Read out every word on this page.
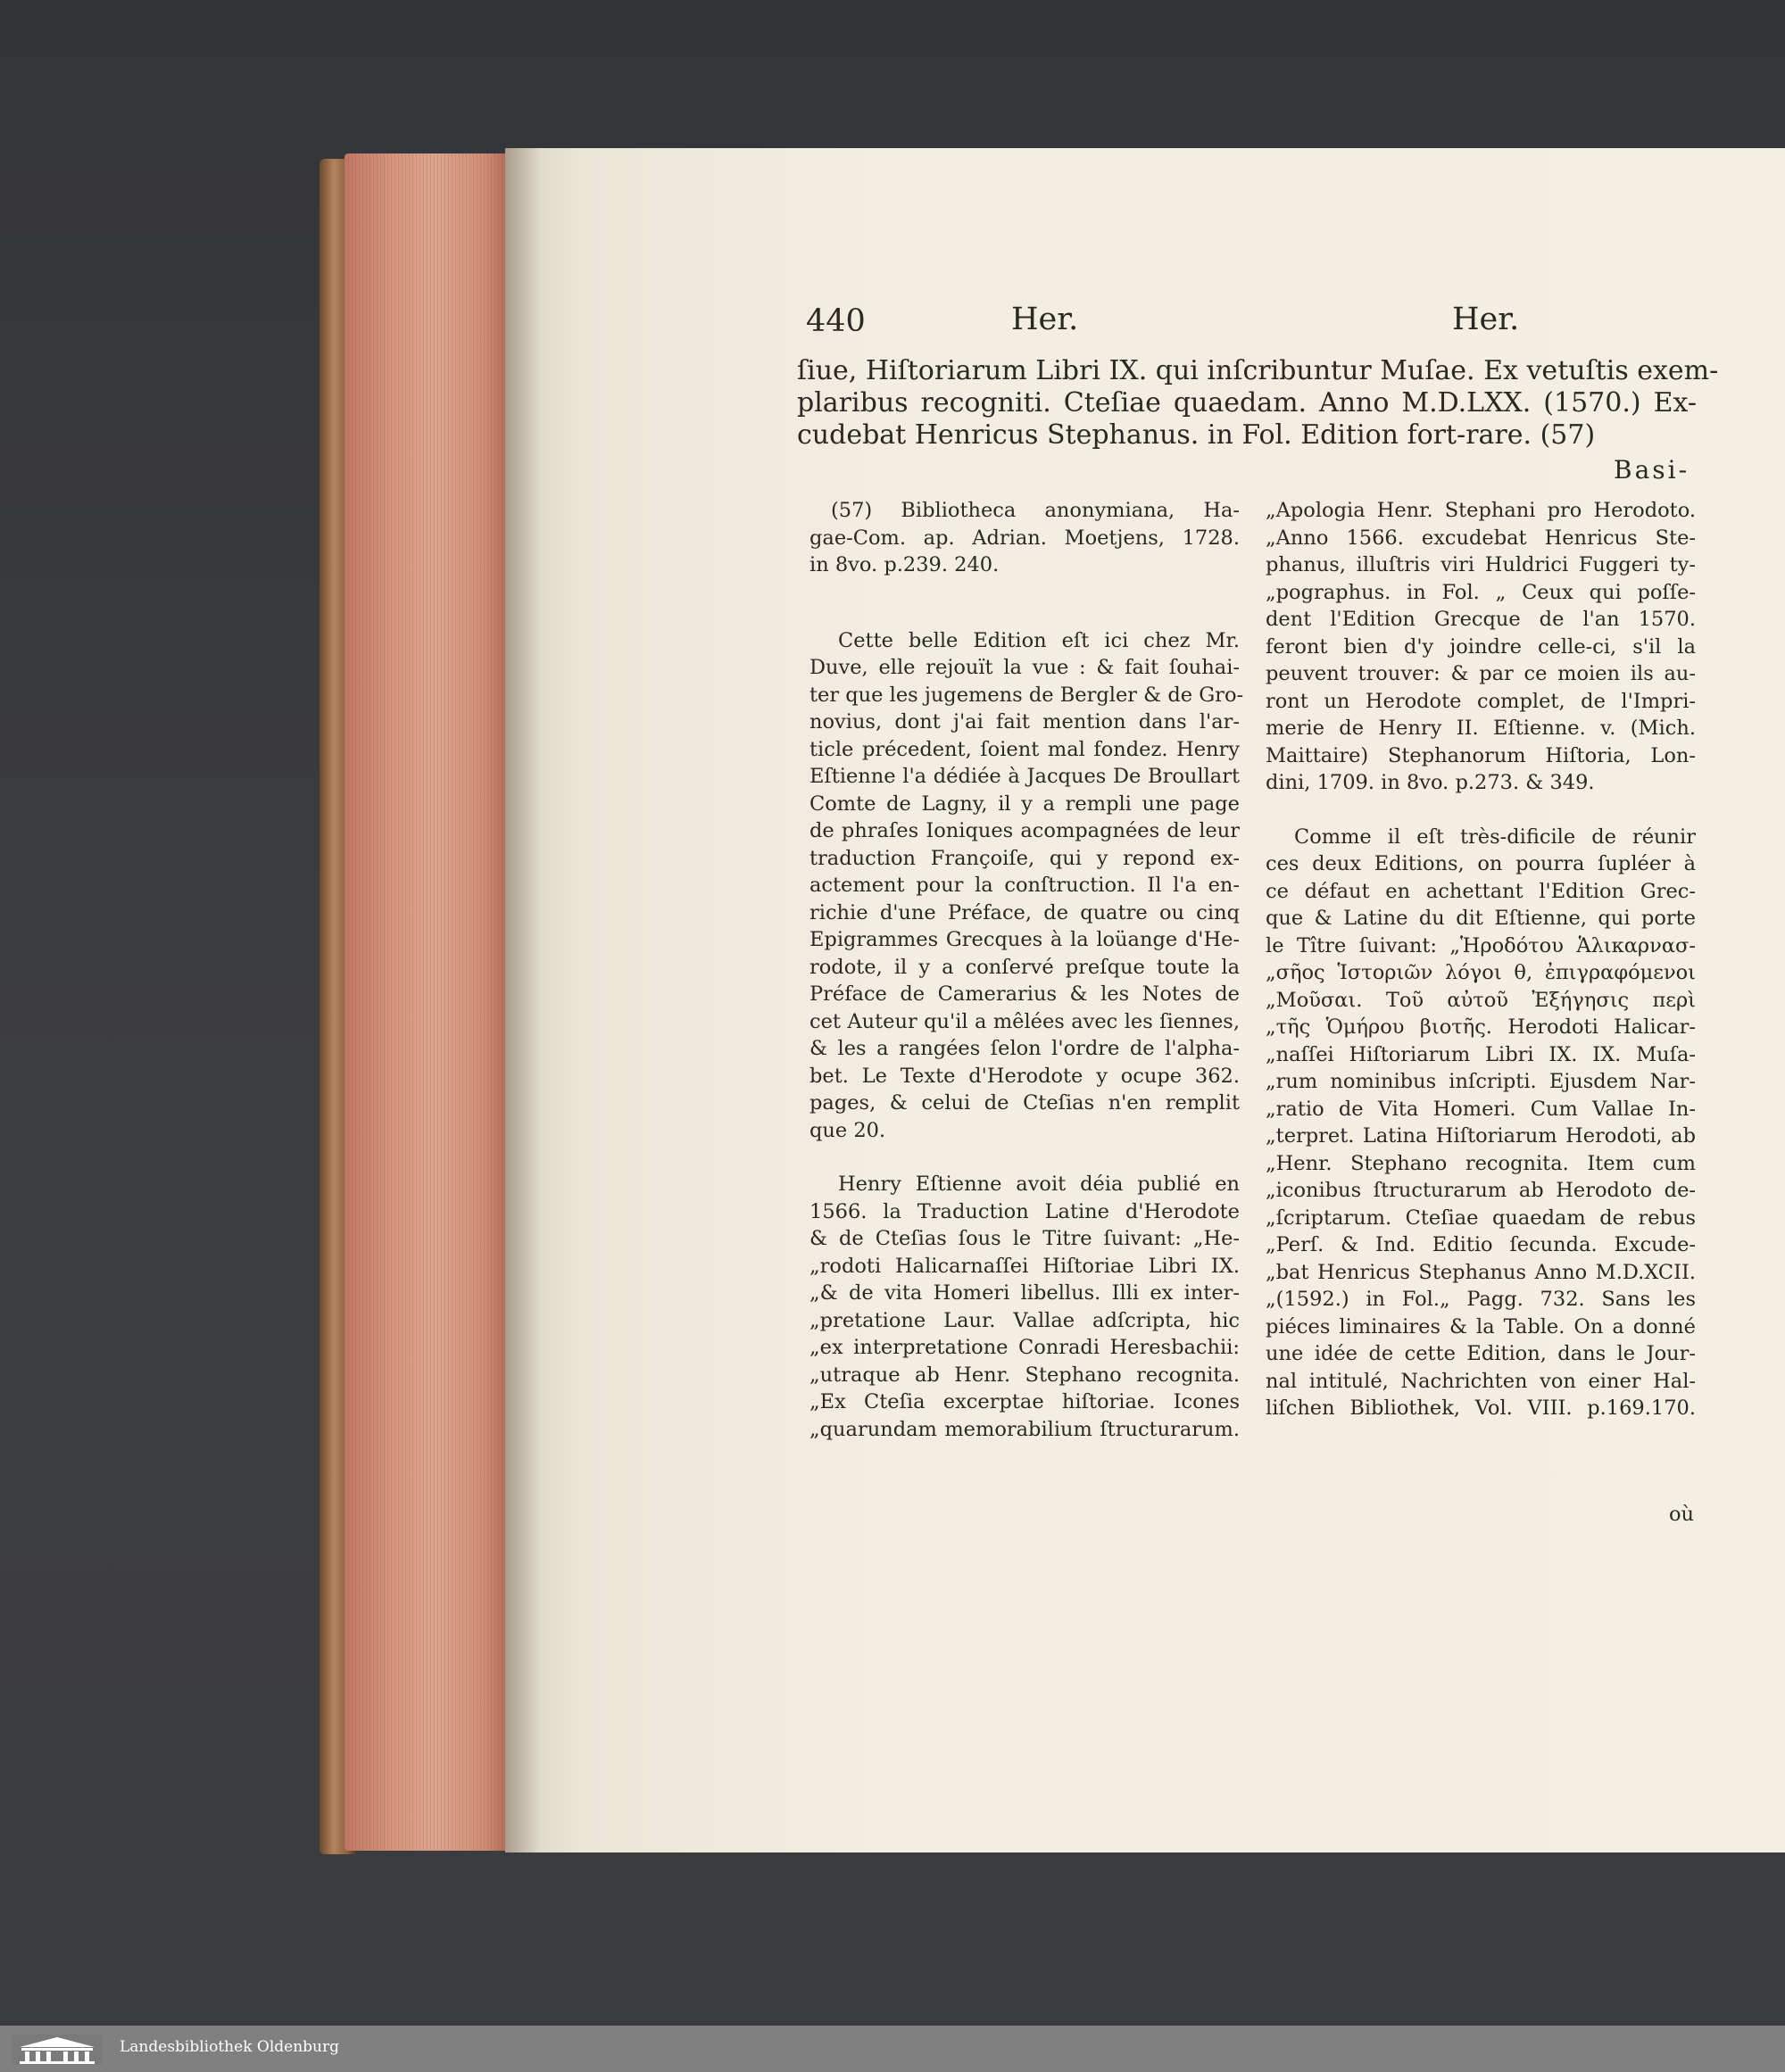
440	Her.	Her.
ſiue, Hiſtoriarum Libri IX. qui inſcribuntur Muſae. Ex vetuſtis exem-
plaribus recogniti. Cteſiae quaedam. Anno M.D.LXX. (1570.) Ex-
cudebat Henricus Stephanus. in Fol. Edition fort-rare. (57)
Basi-
(57) Bibliotheca anonymiana, Ha-
gae-Com. ap. Adrian. Moetjens, 1728.
in 8vo. p.239. 240.
Cette belle Edition eſt ici chez Mr.
Duve, elle rejouït la vue : & fait ſouhai-
ter que les jugemens de Bergler & de Gro-
novius, dont j'ai fait mention dans l'ar-
ticle précedent, ſoient mal fondez. Henry
Eſtienne l'a dédiée à Jacques De Broullart
Comte de Lagny, il y a rempli une page
de phraſes Ioniques acompagnées de leur
traduction Françoiſe, qui y repond ex-
actement pour la conſtruction. Il l'a en-
richie d'une Préface, de quatre ou cinq
Epigrammes Grecques à la loüange d'He-
rodote, il y a conſervé preſque toute la
Préface de Camerarius & les Notes de
cet Auteur qu'il a mêlées avec les ſiennes,
& les a rangées ſelon l'ordre de l'alpha-
bet. Le Texte d'Herodote y ocupe 362.
pages, & celui de Cteſias n'en remplit
que 20.
Henry Eſtienne avoit déia publié en
1566. la Traduction Latine d'Herodote
& de Cteſias ſous le Titre ſuivant: „He-
„rodoti Halicarnaſſei Hiſtoriae Libri IX.
„& de vita Homeri libellus. Illi ex inter-
„pretatione Laur. Vallae adſcripta, hic
„ex interpretatione Conradi Heresbachii:
„utraque ab Henr. Stephano recognita.
„Ex Cteſia excerptae hiſtoriae. Icones
„quarundam memorabilium ſtructurarum.
„Apologia Henr. Stephani pro Herodoto.
„Anno 1566. excudebat Henricus Ste-
phanus, illuſtris viri Huldrici Fuggeri ty-
„pographus. in Fol. „ Ceux qui poſſe-
dent l'Edition Grecque de l'an 1570.
feront bien d'y joindre celle-ci, s'il la
peuvent trouver: & par ce moien ils au-
ront un Herodote complet, de l'Impri-
merie de Henry II. Eſtienne. v. (Mich.
Maittaire) Stephanorum Hiſtoria, Lon-
dini, 1709. in 8vo. p.273. & 349.
Comme il eſt très-dificile de réunir
ces deux Editions, on pourra ſupléer à
ce défaut en achettant l'Edition Grec-
que & Latine du dit Eſtienne, qui porte
le Tître ſuivant: „Ἡροδότου Ἁλικαρνασ-
„σῆος Ἱστοριῶν λόγοι θ, ἐπιγραφόμενοι
„Μοῦσαι. Τοῦ αὐτοῦ Ἐξήγησις περὶ
„τῆς Ὁμήρου βιοτῆς. Herodoti Halicar-
„naſſei Hiſtoriarum Libri IX. IX. Muſa-
„rum nominibus inſcripti. Ejusdem Nar-
„ratio de Vita Homeri. Cum Vallae In-
„terpret. Latina Hiſtoriarum Herodoti, ab
„Henr. Stephano recognita. Item cum
„iconibus ſtructurarum ab Herodoto de-
„ſcriptarum. Cteſiae quaedam de rebus
„Perſ. & Ind. Editio ſecunda. Excude-
„bat Henricus Stephanus Anno M.D.XCII.
„(1592.) in Fol.„ Pagg. 732. Sans les
piéces liminaires & la Table. On a donné
une idée de cette Edition, dans le Jour-
nal intitulé, Nachrichten von einer Hal-
liſchen Bibliothek, Vol. VIII. p.169.170.
où
Landesbibliothek Oldenburg
